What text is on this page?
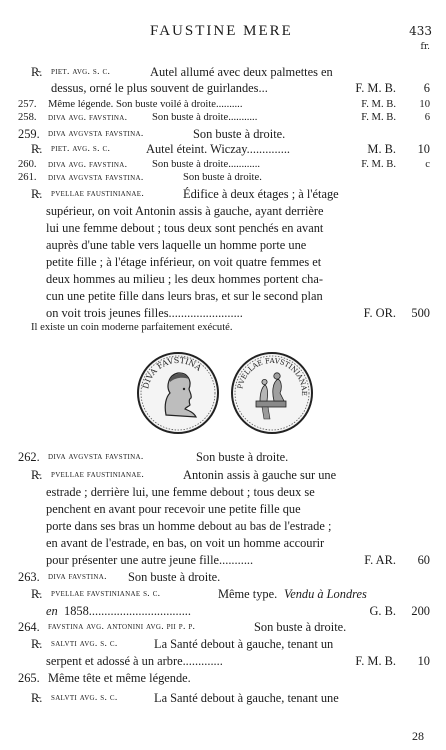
FAUSTINE MERE	433
fr.
R̴. piet. avg. s. c.	Autel allumé avec deux palmettes en
dessus, orné le plus souvent de guirlandes...	F. M. B. 6
257. Même légende. Son buste voilé à droite..........	F. M. B. 10
258. diva avg. favstina. Son buste à droite...........	F. M. B.	6
259. diva avgvsta favstina.	Son buste à droite.
R̴. piet. avg. s. c.	Autel éteint. Wiczay..............	M. B. 10
260. diva avg. favstina. Son buste à droite............	F. M. B.	c
261. diva avgvsta favstina.	Son buste à droite.
R̴. pvellae faustinianae.	Édifice à deux étages ; à l'étage
supérieur, on voit Antonin assis à gauche, ayant derrière
lui une femme debout ; tous deux sont penchés en avant
auprès d'une table vers laquelle un homme porte une
petite fille ; à l'étage inférieur, on voit quatre femmes et
deux hommes au milieu ; les deux hommes portent cha-
cun une petite fille dans leurs bras, et sur le second plan
on voit trois jeunes filles........................	F. OR. 500
Il existe un coin moderne parfaitement exécuté.
DIVA FAVSTINA
PVELLAE FAVSTINIANAE
262. diva avgvsta favstina.	Son buste à droite.
R̴. pvellae faustinianae.	Antonin assis à gauche sur une
estrade ; derrière lui, une femme debout ; tous deux se
penchent en avant pour recevoir une petite fille que
porte dans ses bras un homme debout au bas de l'estrade ;
en avant de l'estrade, en bas, on voit un homme accourir
pour présenter une autre jeune fille...........	F. AR. 60
263. diva favstina. Son buste à droite.
R̴. pvellae favstinianae s. c.	Même type. Vendu à Londres
en 1858.................................	G. B. 200
264. favstina avg. antonini avg. pii p. p.	Son buste à droite.
R̴. salvti avg. s. c.	La Santé debout à gauche, tenant un
serpent et adossé à un arbre.............	F. M. B. 10
265. Même tête et même légende.
R̴. salvti avg. s. c.	La Santé debout à gauche, tenant une
28
